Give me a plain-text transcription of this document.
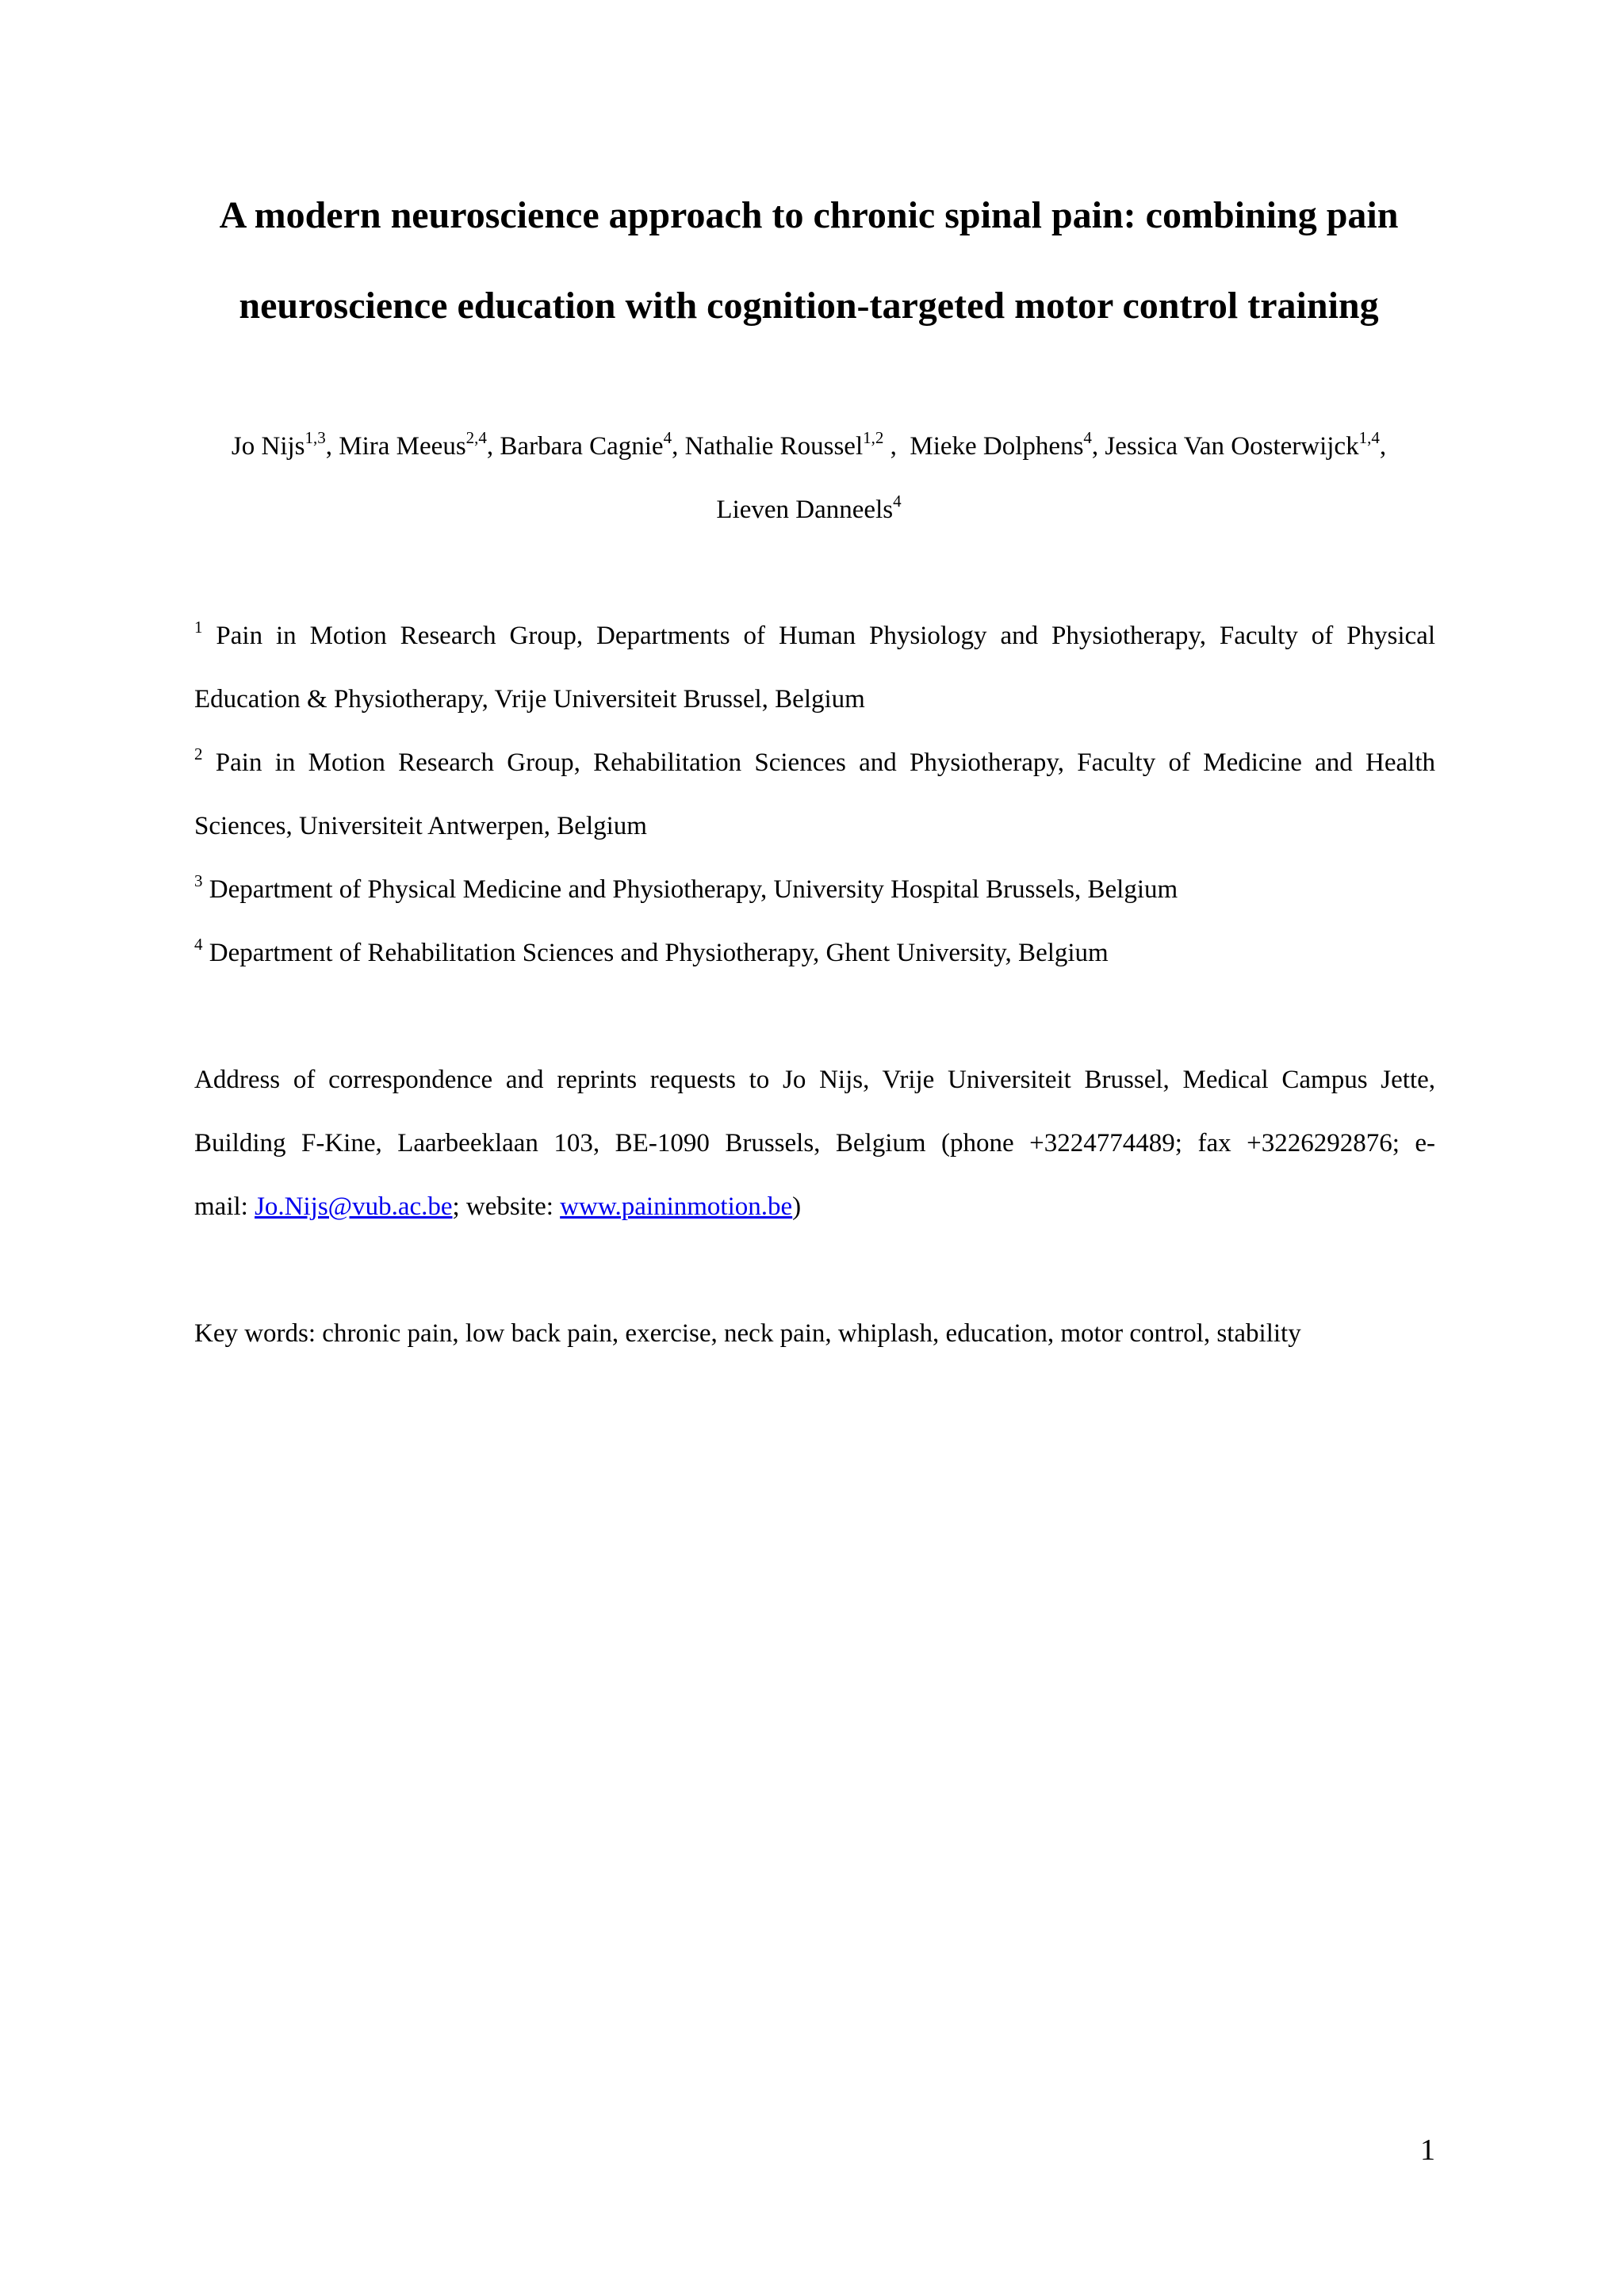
A modern neuroscience approach to chronic spinal pain: combining pain
neuroscience education with cognition-targeted motor control training
Jo Nijs$^{1,3}$, Mira Meeus$^{2,4}$, Barbara Cagnie$^4$, Nathalie Roussel$^{1,2}$ ,  Mieke Dolphens$^4$, Jessica Van Oosterwijck$^{1,4}$,
Lieven Danneels$^4$
$^1$ Pain in Motion Research Group, Departments of Human Physiology and Physiotherapy, Faculty of Physical
Education & Physiotherapy, Vrije Universiteit Brussel, Belgium
$^2$ Pain in Motion Research Group, Rehabilitation Sciences and Physiotherapy, Faculty of Medicine and Health
Sciences, Universiteit Antwerpen, Belgium
$^3$ Department of Physical Medicine and Physiotherapy, University Hospital Brussels, Belgium
$^4$ Department of Rehabilitation Sciences and Physiotherapy, Ghent University, Belgium
Address of correspondence and reprints requests to Jo Nijs, Vrije Universiteit Brussel, Medical Campus Jette,
Building F-Kine, Laarbeeklaan 103, BE-1090 Brussels, Belgium (phone +3224774489; fax +3226292876; e-
mail: Jo.Nijs@vub.ac.be; website: www.paininmotion.be)
Key words: chronic pain, low back pain, exercise, neck pain, whiplash, education, motor control, stability
1
